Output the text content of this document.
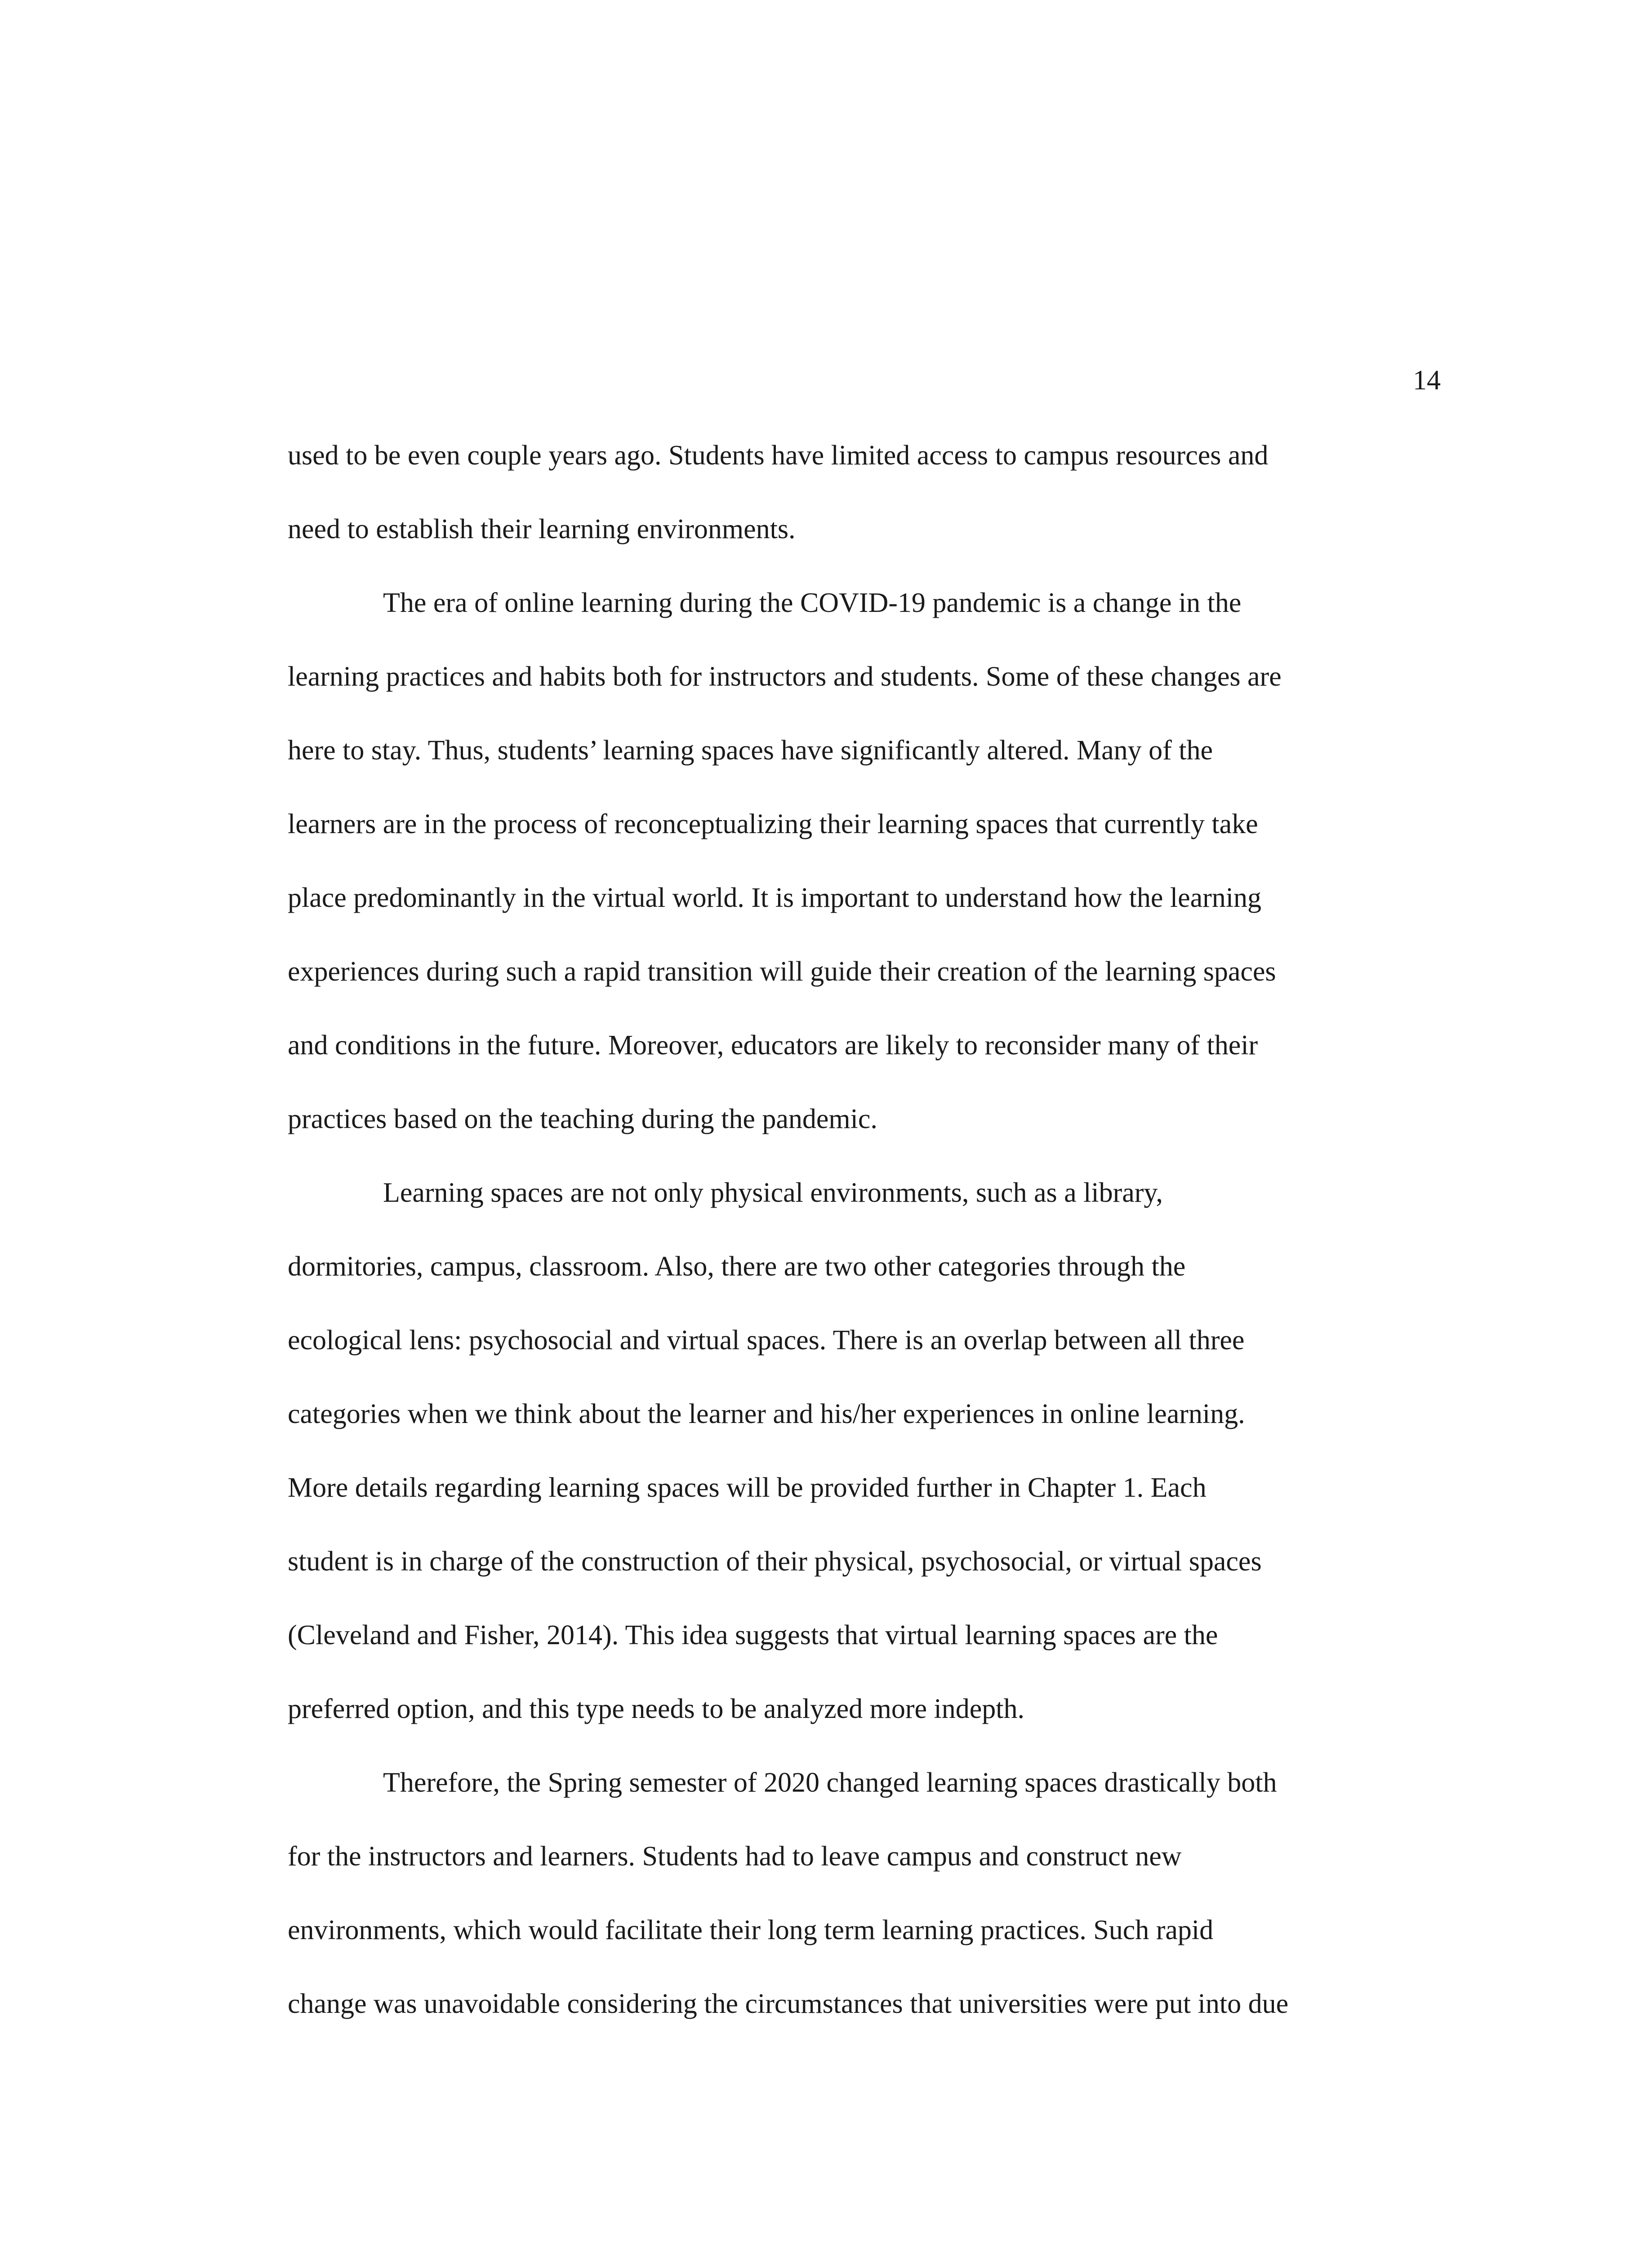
14
used to be even couple years ago. Students have limited access to campus resources and
need to establish their learning environments.
The era of online learning during the COVID-19 pandemic is a change in the
learning practices and habits both for instructors and students. Some of these changes are
here to stay. Thus, students’ learning spaces have significantly altered. Many of the
learners are in the process of reconceptualizing their learning spaces that currently take
place predominantly in the virtual world. It is important to understand how the learning
experiences during such a rapid transition will guide their creation of the learning spaces
and conditions in the future. Moreover, educators are likely to reconsider many of their
practices based on the teaching during the pandemic.
Learning spaces are not only physical environments, such as a library,
dormitories, campus, classroom. Also, there are two other categories through the
ecological lens: psychosocial and virtual spaces. There is an overlap between all three
categories when we think about the learner and his/her experiences in online learning.
More details regarding learning spaces will be provided further in Chapter 1. Each
student is in charge of the construction of their physical, psychosocial, or virtual spaces
(Cleveland and Fisher, 2014). This idea suggests that virtual learning spaces are the
preferred option, and this type needs to be analyzed more indepth.
Therefore, the Spring semester of 2020 changed learning spaces drastically both
for the instructors and learners. Students had to leave campus and construct new
environments, which would facilitate their long term learning practices. Such rapid
change was unavoidable considering the circumstances that universities were put into due
